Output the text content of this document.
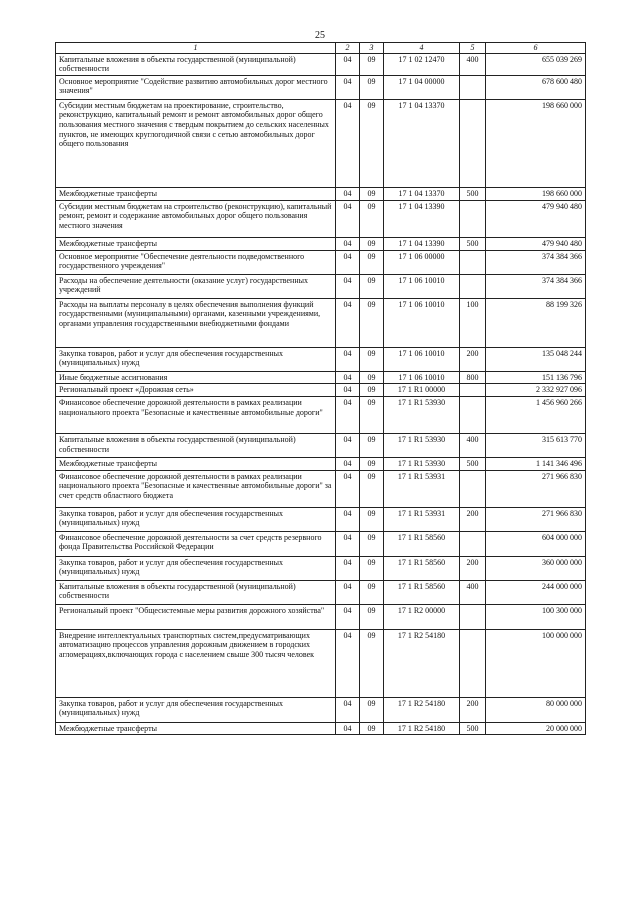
25
1	2	3	4	5	6
Капитальные вложения в объекты государственной (муниципальной) собственности	04	09	17 1 02 12470	400	655 039 269
Основное мероприятие "Содействие развитию автомобильных дорог местного значения"	04	09	17 1 04 00000		678 600 480
Субсидии местным бюджетам на проектирование, строительство, реконструкцию, капитальный ремонт и ремонт автомобильных дорог общего пользования местного значения с твердым покрытием до сельских населенных пунктов, не имеющих круглогодичной связи с сетью автомобильных дорог общего пользования	04	09	17 1 04 13370		198 660 000
Межбюджетные трансферты	04	09	17 1 04 13370	500	198 660 000
Субсидии местным бюджетам на строительство (реконструкцию), капитальный ремонт, ремонт и содержание автомобильных дорог общего пользования местного значения	04	09	17 1 04 13390		479 940 480
Межбюджетные трансферты	04	09	17 1 04 13390	500	479 940 480
Основное мероприятие "Обеспечение деятельности подведомственного государственного учреждения"	04	09	17 1 06 00000		374 384 366
Расходы на обеспечение деятельности (оказание услуг) государственных учреждений	04	09	17 1 06 10010		374 384 366
Расходы на выплаты персоналу в целях обеспечения выполнения функций государственными (муниципальными) органами, казенными учреждениями, органами управления государственными внебюджетными фондами	04	09	17 1 06 10010	100	88 199 326
Закупка товаров, работ и услуг для обеспечения государственных (муниципальных) нужд	04	09	17 1 06 10010	200	135 048 244
Иные бюджетные ассигнования	04	09	17 1 06 10010	800	151 136 796
Региональный проект «Дорожная сеть»	04	09	17 1 R1 00000		2 332 927 096
Финансовое обеспечение дорожной деятельности в рамках реализации национального проекта "Безопасные и качественные автомобильные дороги"	04	09	17 1 R1 53930		1 456 960 266
Капитальные вложения в объекты государственной (муниципальной) собственности	04	09	17 1 R1 53930	400	315 613 770
Межбюджетные трансферты	04	09	17 1 R1 53930	500	1 141 346 496
Финансовое обеспечение дорожной деятельности в рамках реализации национального проекта "Безопасные и качественные автомобильные дороги" за счет средств областного бюджета	04	09	17 1 R1 53931		271 966 830
Закупка товаров, работ и услуг для обеспечения государственных (муниципальных) нужд	04	09	17 1 R1 53931	200	271 966 830
Финансовое обеспечение дорожной деятельности за счет средств резервного фонда Правительства Российской Федерации	04	09	17 1 R1 58560		604 000 000
Закупка товаров, работ и услуг для обеспечения государственных (муниципальных) нужд	04	09	17 1 R1 58560	200	360 000 000
Капитальные вложения в объекты государственной (муниципальной) собственности	04	09	17 1 R1 58560	400	244 000 000
Региональный проект "Общесистемные меры развития дорожного хозяйства"	04	09	17 1 R2 00000		100 300 000
Внедрение интеллектуальных транспортных систем,предусматривающих автоматизацию процессов управления дорожным движением в городских агломерациях,включающих города с населением свыше 300 тысяч человек	04	09	17 1 R2 54180		100 000 000
Закупка товаров, работ и услуг для обеспечения государственных (муниципальных) нужд	04	09	17 1 R2 54180	200	80 000 000
Межбюджетные трансферты	04	09	17 1 R2 54180	500	20 000 000
